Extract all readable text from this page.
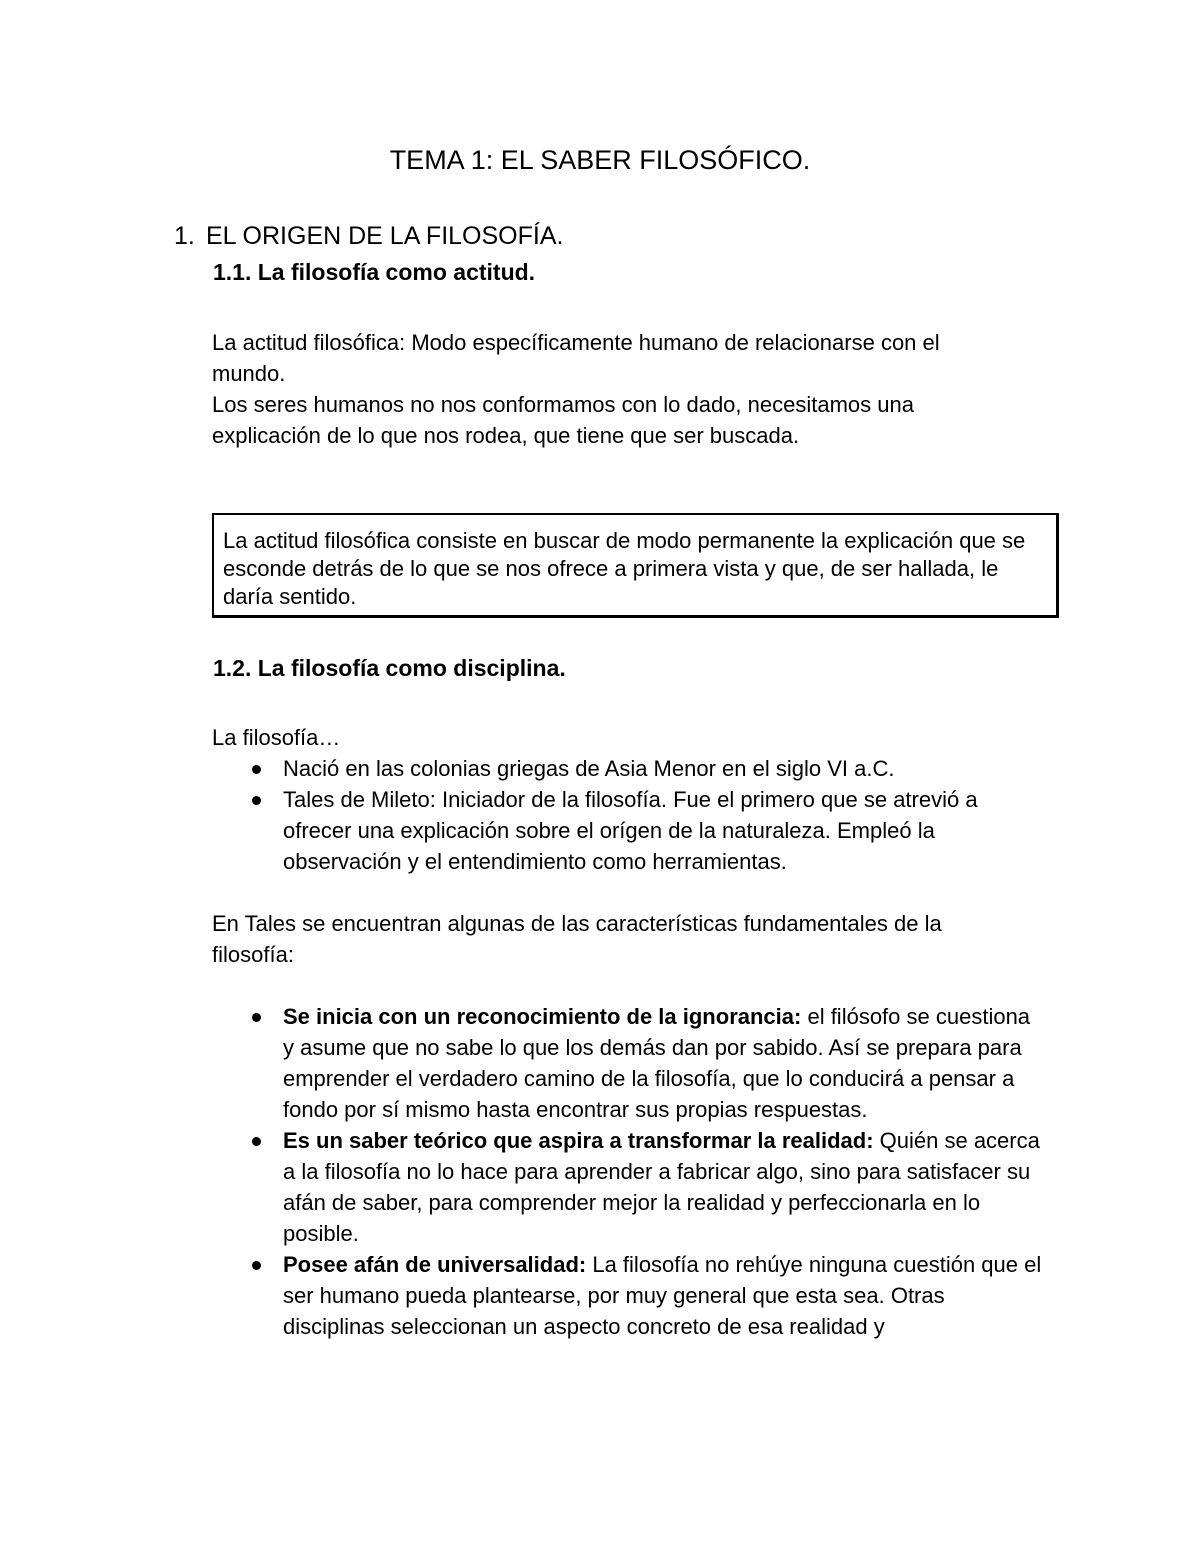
TEMA 1: EL SABER FILOSÓFICO.
1. EL ORIGEN DE LA FILOSOFÍA.
1.1. La filosofía como actitud.

La actitud filosófica: Modo específicamente humano de relacionarse con el mundo.

Los seres humanos no nos conformamos con lo dado, necesitamos una explicación de lo que nos rodea, que tiene que ser buscada.

La actitud filosófica consiste en buscar de modo permanente la explicación que se esconde detrás de lo que se nos ofrece a primera vista y que, de ser hallada, le daría sentido.
1.2. La filosofía como disciplina.

La filosofía…

Nació en las colonias griegas de Asia Menor en el siglo VI a.C.
Tales de Mileto: Iniciador de la filosofía. Fue el primero que se atrevió a ofrecer una explicación sobre el orígen de la naturaleza. Empleó la observación y el entendimiento como herramientas.

En Tales se encuentran algunas de las características fundamentales de la filosofía:

Se inicia con un reconocimiento de la ignorancia: el filósofo se cuestiona y asume que no sabe lo que los demás dan por sabido. Así se prepara para emprender el verdadero camino de la filosofía, que lo conducirá a pensar a fondo por sí mismo hasta encontrar sus propias respuestas.
Es un saber teórico que aspira a transformar la realidad: Quién se acerca a la filosofía no lo hace para aprender a fabricar algo, sino para satisfacer su afán de saber, para comprender mejor la realidad y perfeccionarla en lo posible.
Posee afán de universalidad: La filosofía no rehúye ninguna cuestión que el ser humano pueda plantearse, por muy general que esta sea. Otras disciplinas seleccionan un aspecto concreto de esa realidad y
